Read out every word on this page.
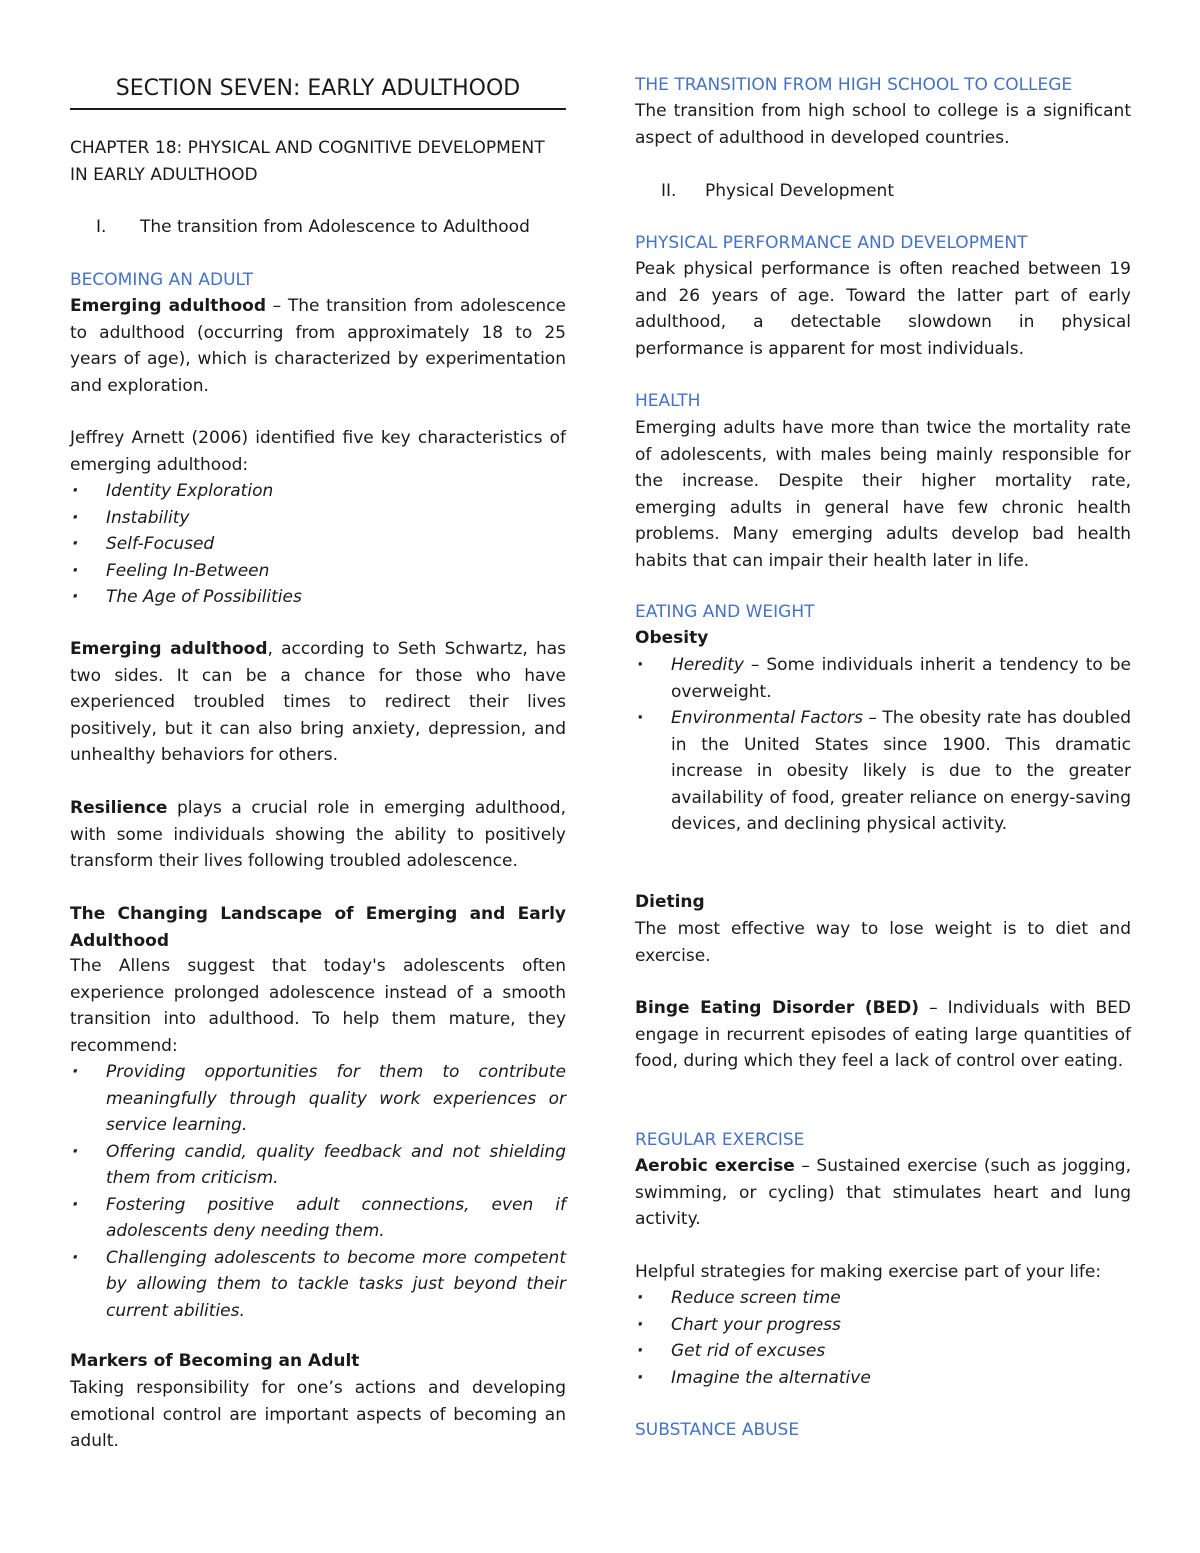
SECTION SEVEN: EARLY ADULTHOOD
CHAPTER 18: PHYSICAL AND COGNITIVE DEVELOPMENT IN EARLY ADULTHOOD
I.	The transition from Adolescence to Adulthood
BECOMING AN ADULT

Emerging adulthood – The transition from adolescence to adulthood (occurring from approximately 18 to 25 years of age), which is characterized by experimentation and exploration.

Jeffrey Arnett (2006) identified five key characteristics of emerging adulthood:

· Identity Exploration
· Instability
· Self-Focused
· Feeling In-Between
· The Age of Possibilities

Emerging adulthood, according to Seth Schwartz, has two sides. It can be a chance for those who have experienced troubled times to redirect their lives positively, but it can also bring anxiety, depression, and unhealthy behaviors for others.

Resilience plays a crucial role in emerging adulthood, with some individuals showing the ability to positively transform their lives following troubled adolescence.

The Changing Landscape of Emerging and Early Adulthood

The Allens suggest that today's adolescents often experience prolonged adolescence instead of a smooth transition into adulthood. To help them mature, they recommend:

· Providing opportunities for them to contribute meaningfully through quality work experiences or service learning.
· Offering candid, quality feedback and not shielding them from criticism.
· Fostering positive adult connections, even if adolescents deny needing them.
· Challenging adolescents to become more competent by allowing them to tackle tasks just beyond their current abilities.

Markers of Becoming an Adult

Taking responsibility for one’s actions and developing emotional control are important aspects of becoming an adult.

THE TRANSITION FROM HIGH SCHOOL TO COLLEGE

The transition from high school to college is a significant aspect of adulthood in developed countries.

II.	Physical Development
PHYSICAL PERFORMANCE AND DEVELOPMENT

Peak physical performance is often reached between 19 and 26 years of age. Toward the latter part of early adulthood, a detectable slowdown in physical performance is apparent for most individuals.

HEALTH

Emerging adults have more than twice the mortality rate of adolescents, with males being mainly responsible for the increase. Despite their higher mortality rate, emerging adults in general have few chronic health problems. Many emerging adults develop bad health habits that can impair their health later in life.

EATING AND WEIGHT
Obesity
· Heredity – Some individuals inherit a tendency to be overweight.
· Environmental Factors – The obesity rate has doubled in the United States since 1900. This dramatic increase in obesity likely is due to the greater availability of food, greater reliance on energy-saving devices, and declining physical activity.
Dieting

The most effective way to lose weight is to diet and exercise.

Binge Eating Disorder (BED) – Individuals with BED engage in recurrent episodes of eating large quantities of food, during which they feel a lack of control over eating.

REGULAR EXERCISE

Aerobic exercise – Sustained exercise (such as jogging, swimming, or cycling) that stimulates heart and lung activity.

Helpful strategies for making exercise part of your life:

· Reduce screen time
· Chart your progress
· Get rid of excuses
· Imagine the alternative
SUBSTANCE ABUSE
